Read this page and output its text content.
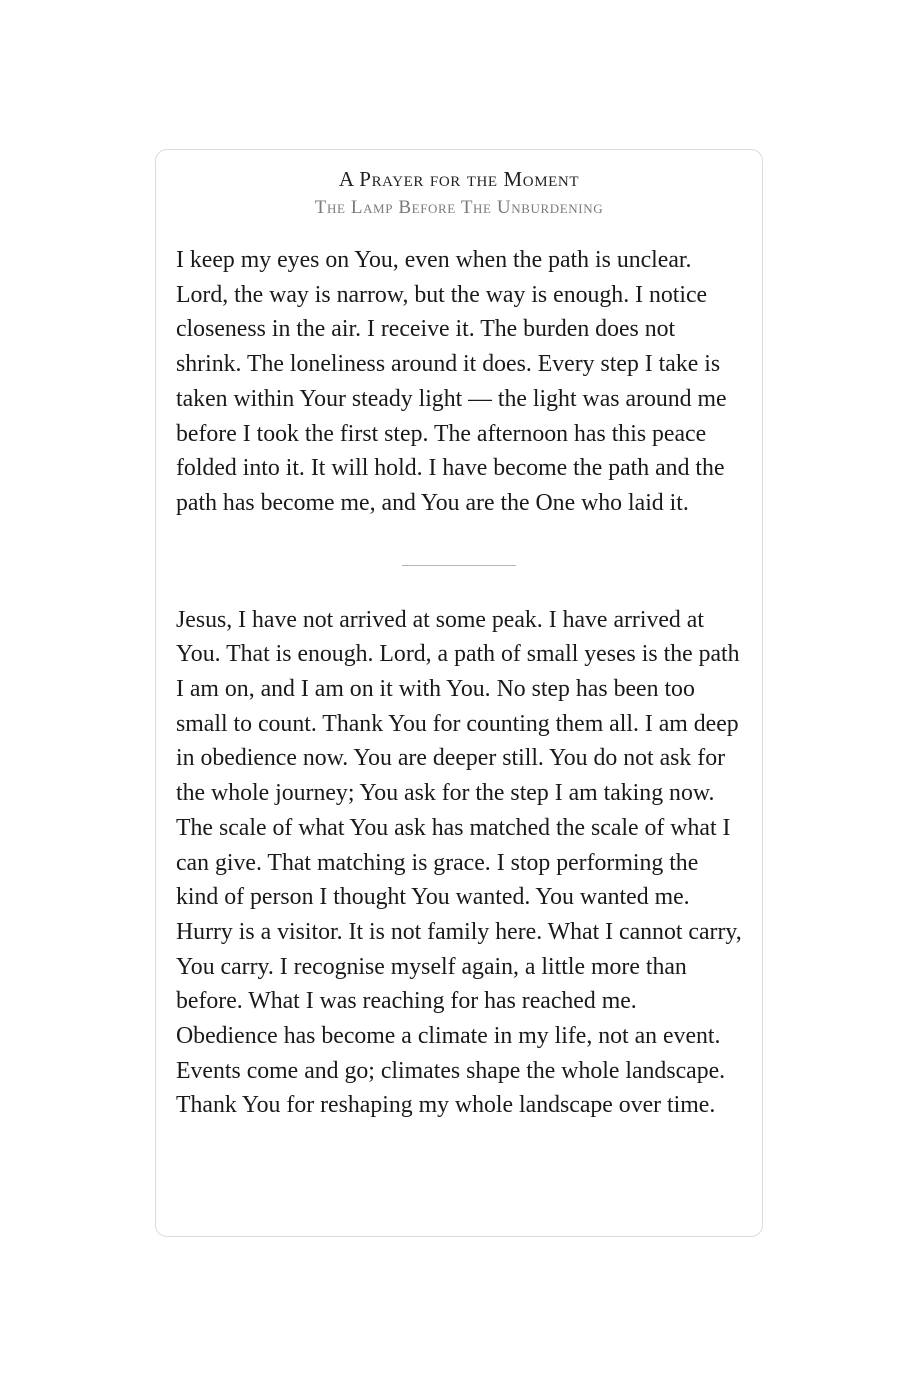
A Prayer for the Moment
The Lamp Before The Unburdening

I keep my eyes on You, even when the path is unclear. Lord, the way is narrow, but the way is enough. I notice closeness in the air. I receive it. The burden does not shrink. The loneliness around it does. Every step I take is taken within Your steady light — the light was around me before I took the first step. The afternoon has this peace folded into it. It will hold. I have become the path and the path has become me, and You are the One who laid it.

Jesus, I have not arrived at some peak. I have arrived at You. That is enough. Lord, a path of small yeses is the path I am on, and I am on it with You. No step has been too small to count. Thank You for counting them all. I am deep in obedience now. You are deeper still. You do not ask for the whole journey; You ask for the step I am taking now. The scale of what You ask has matched the scale of what I can give. That matching is grace. I stop performing the kind of person I thought You wanted. You wanted me. Hurry is a visitor. It is not family here. What I cannot carry, You carry. I recognise myself again, a little more than before. What I was reaching for has reached me. Obedience has become a climate in my life, not an event. Events come and go; climates shape the whole landscape. Thank You for reshaping my whole landscape over time.
